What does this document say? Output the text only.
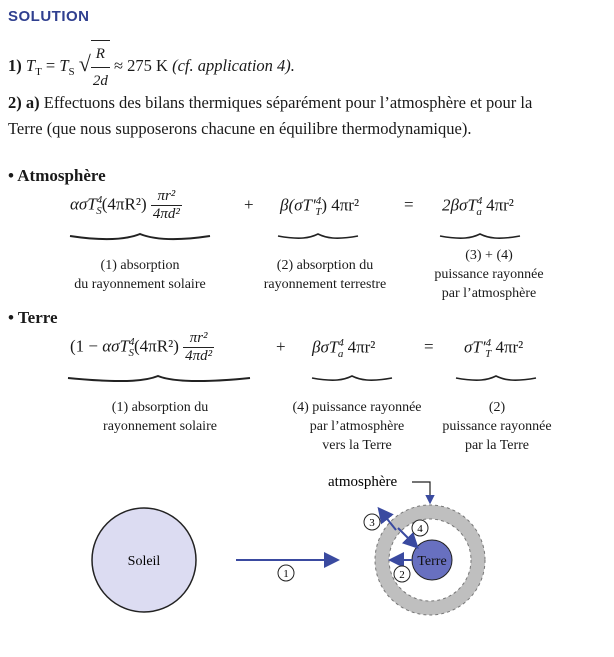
SOLUTION
1) $T_T = T_S$ √ $\frac{R}{2d} \approx 275$ K (cf. application 4).
2) a) Effectuons des bilans thermiques séparément pour l’atmosphère et pour la
Terre (que nous supposerons chacune en équilibre thermodynamique).
• Atmosphère
$\alpha\sigma T^4_S(4\pi R^2) \frac{\text{πr²}}{\text{4πd²}}$	+ $\beta(\sigma T'^4_T)$ 4πr²	= 2βσT$^4_a$ 4πr²
(1) absorption
du rayonnement solaire
(2) absorption du
rayonnement terrestre
(3) + (4)
puissance rayonnée
par l’atmosphère
• Terre
($1 - \alpha\sigma T^4_S(4\pi R^2) \frac{\text{πr²}}{\text{4πd²}}$	+ βσT$^4_a$ 4πr²	= $\sigma T'^4_T$ 4πr²
(1) absorption du
rayonnement solaire
(4) puissance rayonnée
par l’atmosphère
vers la Terre
(2)
puissance rayonnée
par la Terre
atmosphère
Soleil
1
Terre
3	4
2
